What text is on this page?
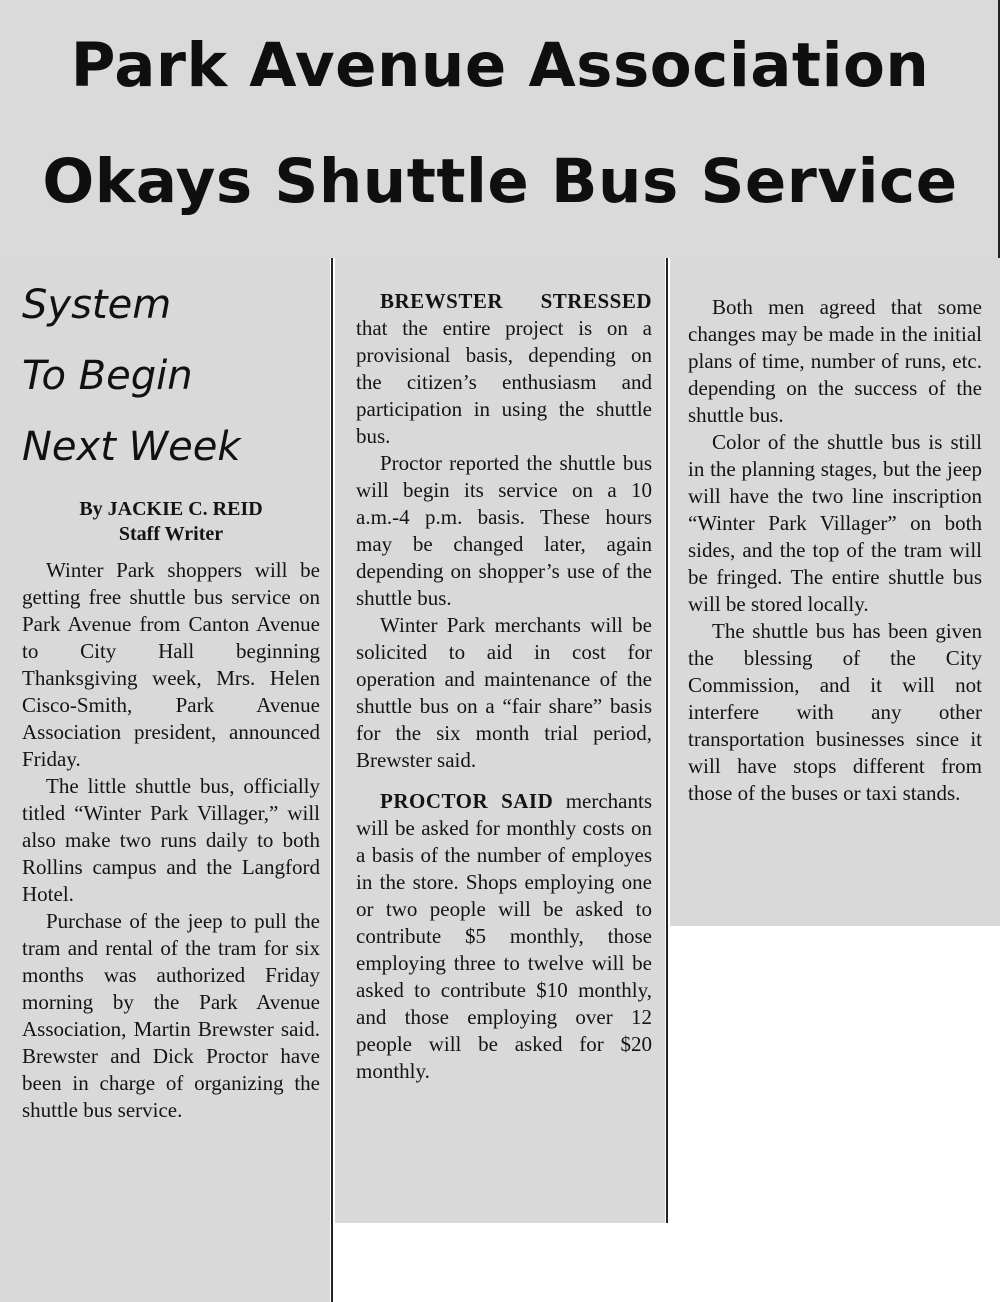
Park Avenue Association
Okays Shuttle Bus Service
System
To Begin
Next Week
By JACKIE C. REID
Staff Writer

Winter Park shoppers will be getting free shuttle bus service on Park Avenue from Canton Avenue to City Hall beginning Thanksgiving week, Mrs. Helen Cisco-Smith, Park Avenue Association president, announced Friday.

The little shuttle bus, officially titled “Winter Park Villager,” will also make two runs daily to both Rollins campus and the Langford Hotel.

Purchase of the jeep to pull the tram and rental of the tram for six months was authorized Friday morning by the Park Avenue Association, Martin Brewster said. Brewster and Dick Proctor have been in charge of organizing the shuttle bus service.

BREWSTER STRESSED that the entire project is on a provisional basis, depending on the citizen’s enthusiasm and participation in using the shuttle bus.

Proctor reported the shuttle bus will begin its service on a 10 a.m.-4 p.m. basis. These hours may be changed later, again depending on shopper’s use of the shuttle bus.

Winter Park merchants will be solicited to aid in cost for operation and maintenance of the shuttle bus on a “fair share” basis for the six month trial period, Brewster said.

PROCTOR SAID merchants will be asked for monthly costs on a basis of the number of employes in the store. Shops employing one or two people will be asked to contribute $5 monthly, those employing three to twelve will be asked to contribute $10 monthly, and those employing over 12 people will be asked for $20 monthly.

Both men agreed that some changes may be made in the initial plans of time, number of runs, etc. depending on the success of the shuttle bus.

Color of the shuttle bus is still in the planning stages, but the jeep will have the two line inscription “Winter Park Villager” on both sides, and the top of the tram will be fringed. The entire shuttle bus will be stored locally.

The shuttle bus has been given the blessing of the City Commission, and it will not interfere with any other transportation businesses since it will have stops different from those of the buses or taxi stands.
